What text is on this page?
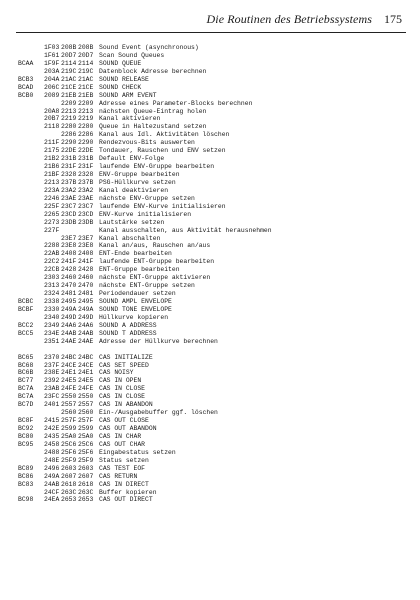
Die Routinen des Betriebssystems 175
1F03 208B 208B Sound Event (asynchronous)
1F61 20D7 20D7 Scan Sound Queues
BCAA 1F9F 2114 2114 SOUND QUEUE
203A 219C 219C Datenblock Adresse berechnen
BCB3 204A 21AC 21AC SOUND RELEASE
BCAD 206C 21CE 21CE SOUND CHECK
BCB0 2089 21EB 21EB SOUND ARM EVENT
2209 2209 Adresse eines Parameter-Blocks berechnen
20A8 2213 2213 nächsten Queue-Eintrag holen
20B7 2219 2219 Kanal aktivieren
2118 2280 2280 Queue in Haltezustand setzen
2286 2286 Kanal aus Idl. Aktivitäten löschen
211F 2290 2290 Rendezvous-Bits auswerten
2175 22DE 22DE Tondauer, Rauschen und ENV setzen
21B2 231B 231B Default ENV-Folge
21B6 231F 231F laufende ENV-Gruppe bearbeiten
21BF 2328 2328 ENV-Gruppe bearbeiten
2213 237B 237B PSG-Hüllkurve setzen
223A 23A2 23A2 Kanal deaktivieren
2246 23AE 23AE nächste ENV-Gruppe setzen
225F 23C7 23C7 laufende ENV-Kurve initialisieren
2265 23CD 23CD ENV-Kurve initialisieren
2273 23DB 23DB Lautstärke setzen
227F	Kanal ausschalten, aus Aktivität herausnehmen
23E7 23E7 Kanal abschalten
2288 23E8 23E8 Kanal an/aus, Rauschen an/aus
22AB 2408 2408 ENT-Ende bearbeiten
22C2 241F 241F laufende ENT-Gruppe bearbeiten
22CB 2428 2428 ENT-Gruppe bearbeiten
2303 2460 2460 nächste ENT-Gruppe aktivieren
2313 2470 2470 nächste ENT-Gruppe setzen
2324 2481 2481 Periodendauer setzen
BCBC 2338 2495 2495 SOUND AMPL ENVELOPE
BCBF 2330 249A 249A SOUND TONE ENVELOPE
2340 249D 249D Hüllkurve kopieren
BCC2 2349 24A6 24A6 SOUND A ADDRESS
BCC5 234E 24AB 24AB SOUND T ADDRESS
2351 24AE 24AE Adresse der Hüllkurve berechnen
BC65 2370 24BC 24BC CAS INITIALIZE
BC68 237F 24CE 24CE CAS SET SPEED
BC6B 238E 24E1 24E1 CAS NOISY
BC77 2392 24E5 24E5 CAS IN OPEN
BC7A 23AB 24FE 24FE CAS IN CLOSE
BC7A 23FC 2550 2550 CAS IN CLOSE
BC7D 2401 2557 2557 CAS IN ABANDON
2560 2560 Ein-/Ausgabebuffer ggf. löschen
BC8F 2415 257F 257F CAS OUT CLOSE
BC92 242E 2599 2599 CAS OUT ABANDON
BC80 2435 25A0 25A0 CAS IN CHAR
BC95 2458 25C6 25C6 CAS OUT CHAR
2488 25F6 25F6 Eingabestatus setzen
248E 25F9 25F9 Status setzen
BC89 2496 2603 2603 CAS TEST EOF
BC86 249A 2607 2607 CAS RETURN
BC83 24AB 2618 2618 CAS IN DIRECT
24CF 263C 263C Buffer kopieren
BC98 24EA 2653 2653 CAS OUT DIRECT
